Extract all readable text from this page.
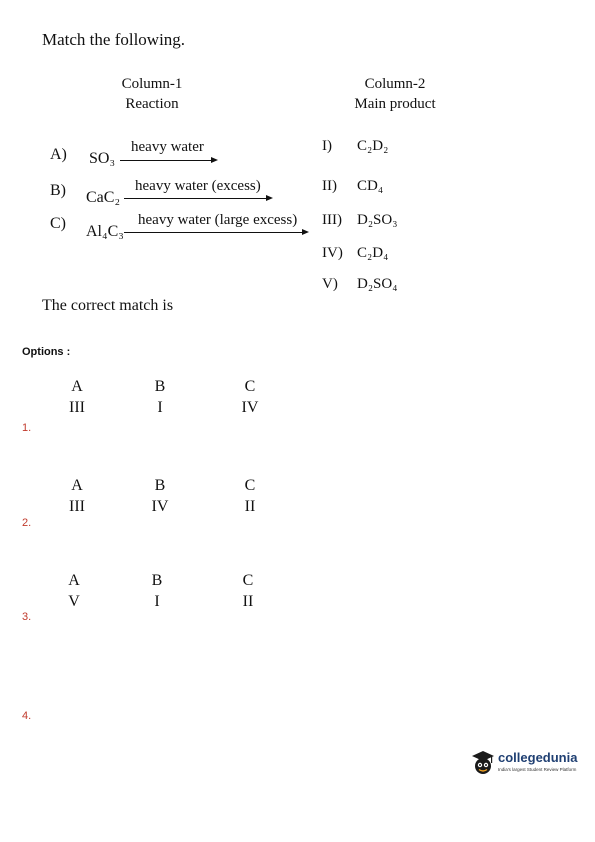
Match the following.
Column-1
Reaction
Column-2
Main product
A) SO₃
heavy water
B) CaC₂
heavy water (excess)
C) Al₄C₃
heavy water (large excess)
I) C₂D₂
II) CD₄
III) D₂SO₃
IV) C₂D₄
V) D₂SO₄
The correct match is
Options :
A	B	C
III	I	IV
1.
A	B	C
III	IV	II
2.
A	B	C
V	I	II
3.
4.
collegedunia
India's largest Student Review Platform
